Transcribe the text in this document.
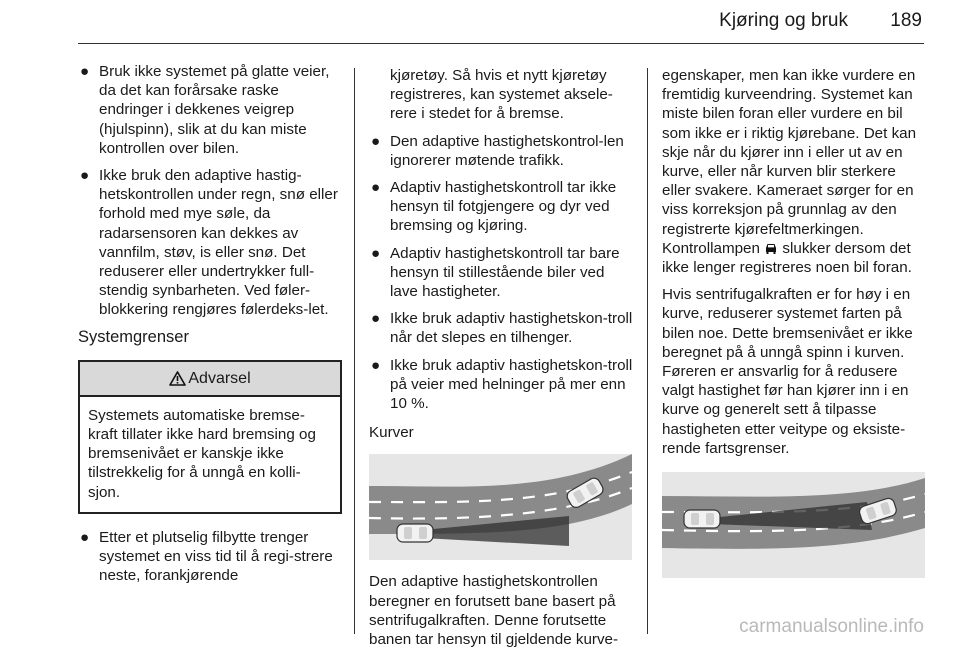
Kjøring og bruk 189
● Bruk ikke systemet på glatte veier, da det kan forårsake raske endringer i dekkenes veigrep (hjulspinn), slik at du kan miste kontrollen over bilen.
● Ikke bruk den adaptive hastig-hetskontrollen under regn, snø eller forhold med mye søle, da radarsensoren kan dekkes av vannfilm, støv, is eller snø. Det reduserer eller undertrykker full-stendig synbarheten. Ved føler-blokkering rengjøres følerdeks-let.
Systemgrenser
Advarsel
Systemets automatiske bremse-kraft tillater ikke hard bremsing og bremsenivået er kanskje ikke tilstrekkelig for å unngå en kolli-sjon.
● Etter et plutselig filbytte trenger systemet en viss tid til å regi-strere neste, forankjørende
kjøretøy. Så hvis et nytt kjøretøy registreres, kan systemet aksele-rere i stedet for å bremse.
● Den adaptive hastighetskontrol-len ignorerer møtende trafikk.
● Adaptiv hastighetskontroll tar ikke hensyn til fotgjengere og dyr ved bremsing og kjøring.
● Adaptiv hastighetskontroll tar bare hensyn til stillestående biler ved lave hastigheter.
● Ikke bruk adaptiv hastighetskon-troll når det slepes en tilhenger.
● Ikke bruk adaptiv hastighetskon-troll på veier med helninger på mer enn 10 %.
Kurver
Den adaptive hastighetskontrollen beregner en forutsett bane basert på sentrifugalkraften. Denne forutsette banen tar hensyn til gjeldende kurve-

egenskaper, men kan ikke vurdere en fremtidig kurveendring. Systemet kan miste bilen foran eller vurdere en bil som ikke er i riktig kjørebane. Det kan skje når du kjører inn i eller ut av en kurve, eller når kurven blir sterkere eller svakere. Kameraet sørger for en viss korreksjon på grunnlag av den registrerte kjørefeltmerkingen. Kontrollampen slukker dersom det ikke lenger registreres noen bil foran.

Hvis sentrifugalkraften er for høy i en kurve, reduserer systemet farten på bilen noe. Dette bremsenivået er ikke beregnet på å unngå spinn i kurven. Føreren er ansvarlig for å redusere valgt hastighet før han kjører inn i en kurve og generelt sett å tilpasse hastigheten etter veitype og eksiste-rende fartsgrenser.

carmanualsonline.info
